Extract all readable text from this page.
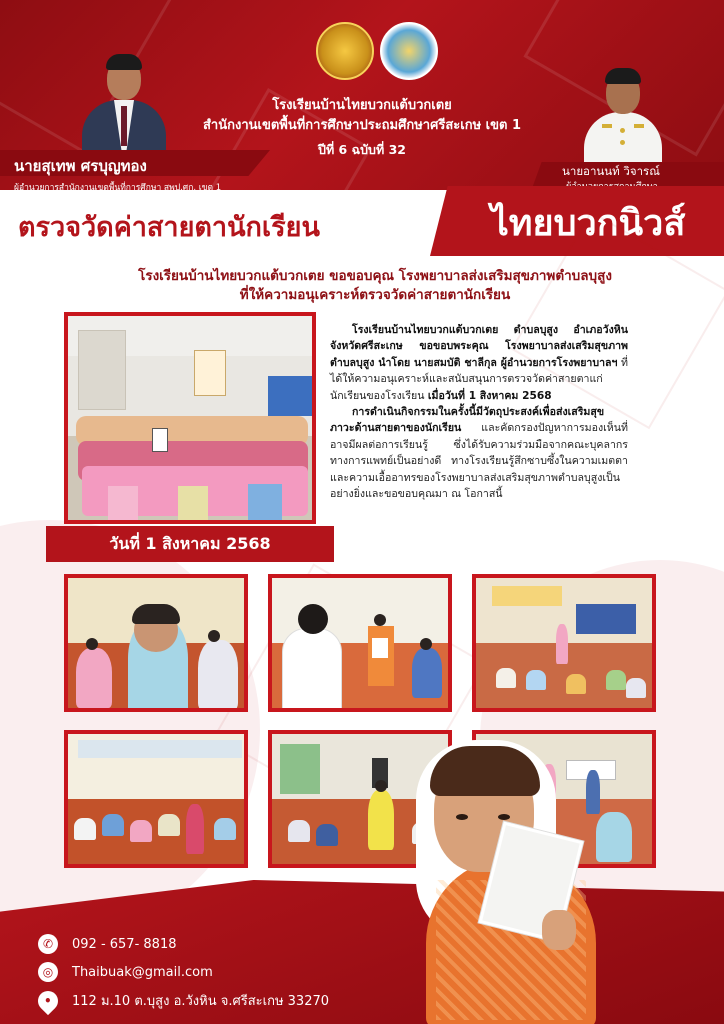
โรงเรียนบ้านไทยบวกแต้บวกเตย
สำนักงานเขตพื้นที่การศึกษาประถมศึกษาศรีสะเกษ เขต 1
ปีที่ 6 ฉบับที่ 32
นายสุเทพ ศรบุญทอง
ผู้อำนวยการสำนักงานเขตพื้นที่การศึกษา สพป.ศก. เขต 1
นายอานนท์ วิจารณ์
ตรวจวัดค่าสายตานักเรียน	ไทยบวกนิวส์
โรงเรียนบ้านไทยบวกแต้บวกเตย ขอขอบคุณ โรงพยาบาลส่งเสริมสุขภาพตำบลบุสูง
ที่ให้ความอนุเคราะห์ตรวจวัดค่าสายตานักเรียน
วันที่ 1 สิงหาคม 2568

โรงเรียนบ้านไทยบวกแต้บวกเตย ตำบลบุสูง อำเภอวังหิน จังหวัดศรีสะเกษ ขอขอบพระคุณ โรงพยาบาลส่งเสริมสุขภาพตำบลบุสูง นำโดย นายสมบัติ ชาลีกุล ผู้อำนวยการโรงพยาบาลฯ ที่ได้ให้ความอนุเคราะห์และสนับสนุนการตรวจวัดค่าสายตาแก่นักเรียนของโรงเรียน เมื่อวันที่ 1 สิงหาคม 2568

การดำเนินกิจกรรมในครั้งนี้มีวัตถุประสงค์เพื่อส่งเสริมสุขภาวะด้านสายตาของนักเรียน และคัดกรองปัญหาการมองเห็นที่อาจมีผลต่อการเรียนรู้ ซึ่งได้รับความร่วมมือจากคณะบุคลากรทางการแพทย์เป็นอย่างดี ทางโรงเรียนรู้สึกซาบซึ้งในความเมตตาและความเอื้ออาทรของโรงพยาบาลส่งเสริมสุขภาพตำบลบุสูงเป็นอย่างยิ่งและขอขอบคุณมา ณ โอกาสนี้

✆	092 - 657- 8818
◎	Thaibuak@gmail.com
• 112 ม.10 ต.บุสูง อ.วังหิน จ.ศรีสะเกษ 33270
